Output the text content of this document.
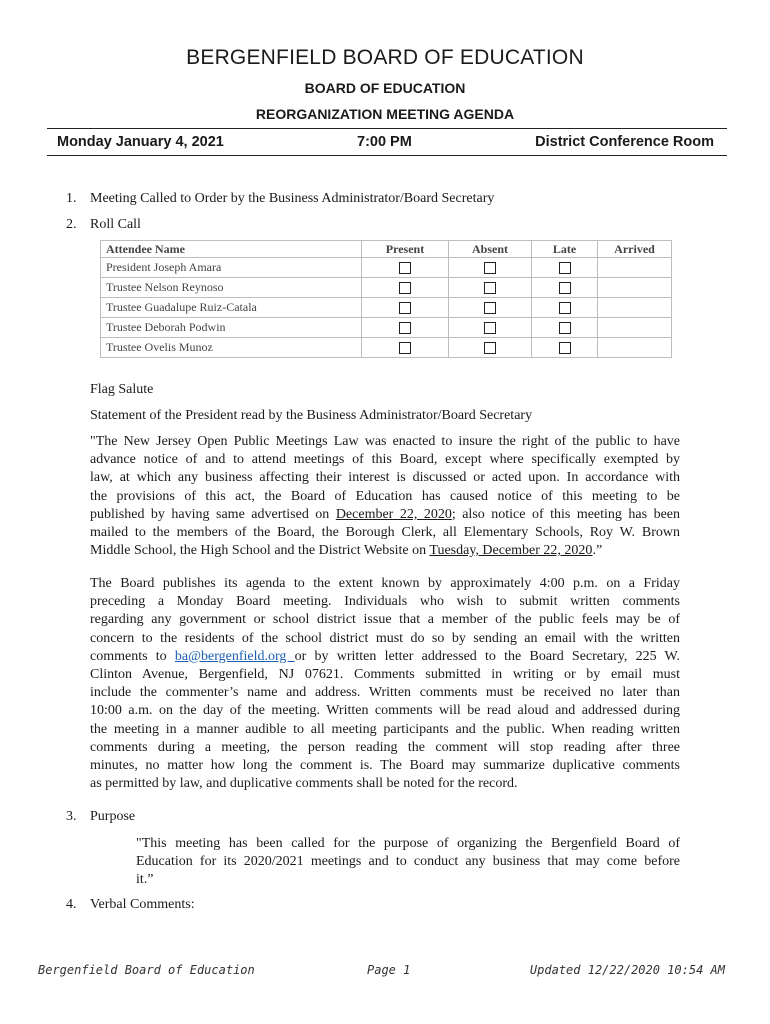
BERGENFIELD BOARD OF EDUCATION
BOARD OF EDUCATION
REORGANIZATION MEETING AGENDA
Monday January 4, 2021	7:00 PM	District Conference Room
1. Meeting Called to Order by the Business Administrator/Board Secretary
2. Roll Call
Attendee Name	Present	Absent	Late	Arrived
President Joseph Amara				
Trustee Nelson Reynoso				
Trustee Guadalupe Ruiz-Catala				
Trustee Deborah Podwin				
Trustee Ovelis Munoz				
Flag Salute
Statement of the President read by the Business Administrator/Board Secretary
"The New Jersey Open Public Meetings Law was enacted to insure the right of the public to have
advance notice of and to attend meetings of this Board, except where specifically exempted by
law, at which any business affecting their interest is discussed or acted upon. In accordance with
the provisions of this act, the Board of Education has caused notice of this meeting to be
published by having same advertised on December 22, 2020; also notice of this meeting has been
mailed to the members of the Board, the Borough Clerk, all Elementary Schools, Roy W. Brown
Middle School, the High School and the District Website on Tuesday, December 22, 2020.”
The Board publishes its agenda to the extent known by approximately 4:00 p.m. on a Friday
preceding a Monday Board meeting. Individuals who wish to submit written comments
regarding any government or school district issue that a member of the public feels may be of
concern to the residents of the school district must do so by sending an email with the written
comments to ba@bergenfield.org or by written letter addressed to the Board Secretary, 225 W.
Clinton Avenue, Bergenfield, NJ 07621. Comments submitted in writing or by email must
include the commenter’s name and address. Written comments must be received no later than
10:00 a.m. on the day of the meeting. Written comments will be read aloud and addressed during
the meeting in a manner audible to all meeting participants and the public. When reading written
comments during a meeting, the person reading the comment will stop reading after three
minutes, no matter how long the comment is. The Board may summarize duplicative comments
as permitted by law, and duplicative comments shall be noted for the record.
3. Purpose
"This meeting has been called for the purpose of organizing the Bergenfield Board of
Education for its 2020/2021 meetings and to conduct any business that may come before
it.”
4. Verbal Comments:
Bergenfield Board of Education	Page 1	Updated 12/22/2020 10:54 AM
